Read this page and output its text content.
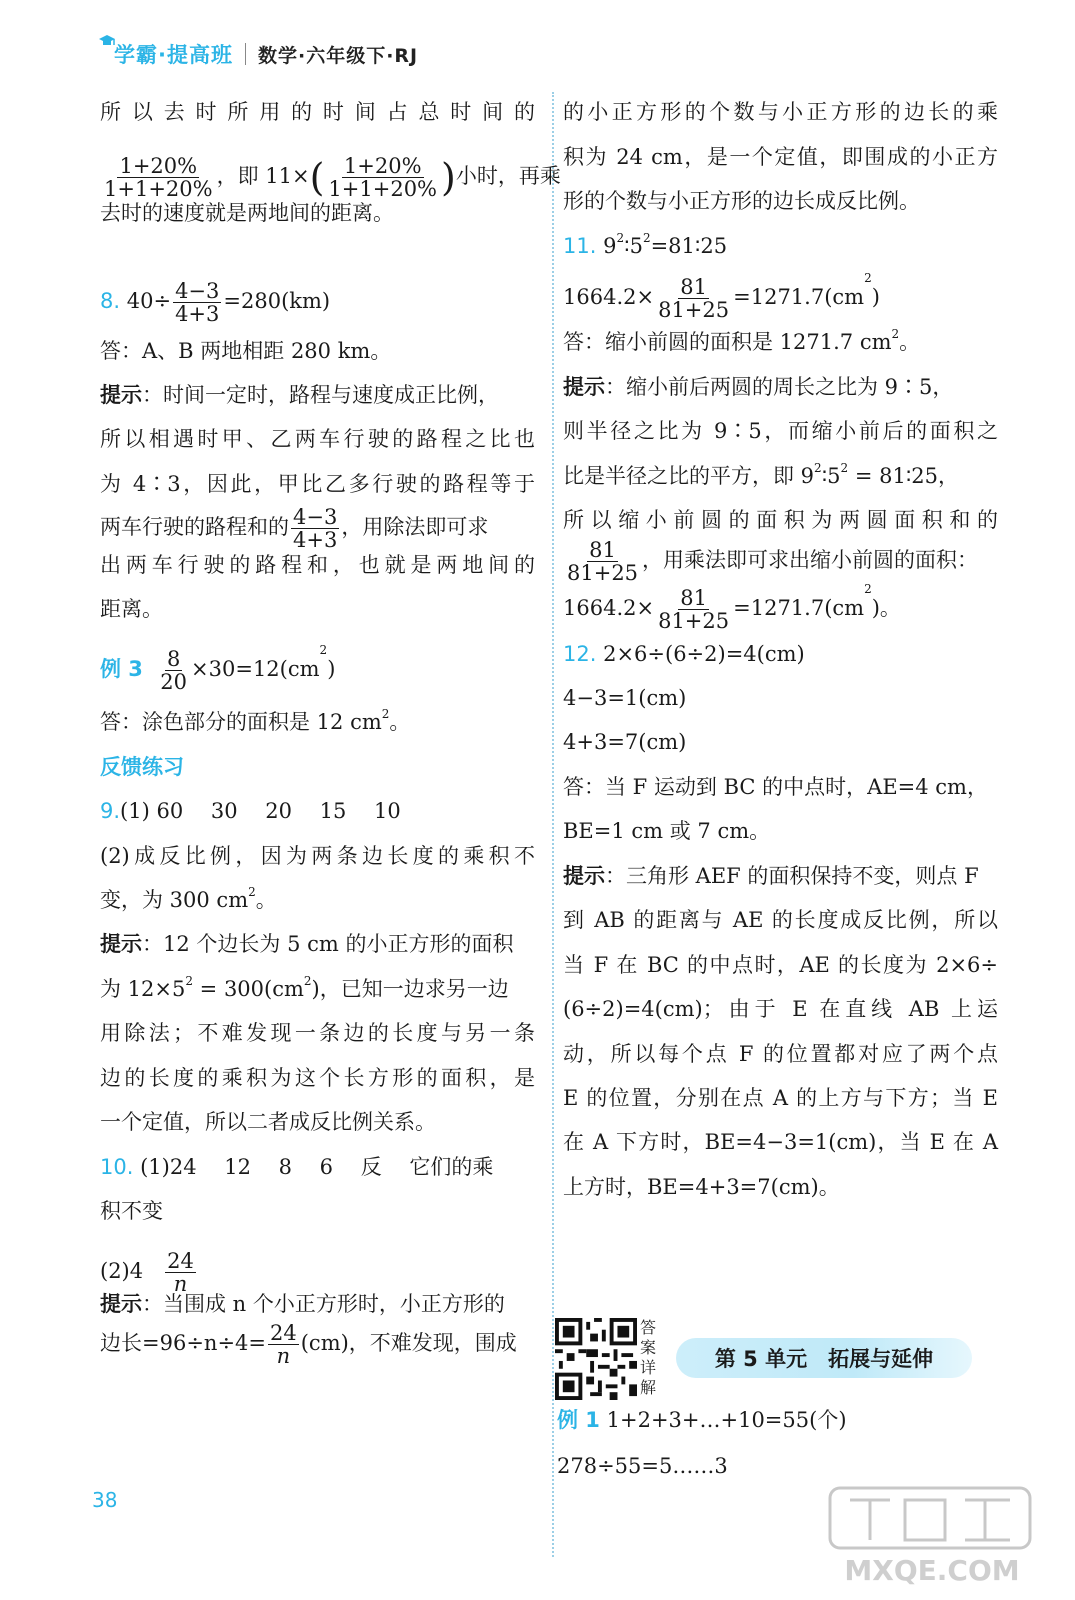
学霸·提高班 数学·六年级下·RJ
所以去时所用的时间占总时间的
$\frac{1+20\%}{1+1+20\%}$ ，即 $11\times( \frac{1+20\%}{1+1+20\%}$ )小时，再乘
去时的速度就是两地间的距离。
8. $40\div \frac{4-3}{4+3} =280(km)$
答：A、B 两地相距 280 km。
提示：时间一定时，路程与速度成正比例，
所以相遇时甲、乙两车行驶的路程之比也
为 4∶3，因此，甲比乙多行驶的路程等于
两车行驶的路程和的 $\frac{4-3}{4+3}$ ，用除法即可求
出两车行驶的路程和，也就是两地间的
距离。
例 $3 \frac{8}{20} \times 30=12(cm^2)$
答：涂色部分的面积是 12 $cm^2$。
反馈练习
9.(1) 60　 30　 20　 15　 10
(2)成反比例，因为两条边长度的乘积不
变，为 300 $cm^2$。
提示：12 个边长为 5 cm 的小正方形的面积
为 $12\times 5^2 = 300(cm^2)$，已知一边求另一边
用除法；不难发现一条边的长度与另一条
边的长度的乘积为这个长方形的面积，是
一个定值，所以二者成反比例关系。
10. (1)24　 12　 8　 6　 反　 它们的乘
积不变
$(2)4 \frac{24}{n}$
提示：当围成 n 个小正方形时，小正方形的
边长$=96\div n\div 4= \frac{24}{n} (cm)$，不难发现，围成
的小正方形的个数与小正方形的边长的乘
积为 24 cm，是一个定值，即围成的小正方
形的个数与小正方形的边长成反比例。
11. $9^2∶5^2=81∶25$
$1664.2\times \frac{81}{81+25} =1271.7(cm^2)$
答：缩小前圆的面积是 1271.7 $cm^2$。
提示：缩小前后两圆的周长之比为 9∶5，
则半径之比为 9∶5，而缩小前后的面积之
比是半径之比的平方，即 $9^2∶5^2$ = 81∶25，
所以缩小前圆的面积为两圆面积和的
$\frac{81}{81+25}$ ，用乘法即可求出缩小前圆的面积：
$1664.2\times \frac{81}{81+25} =1271.7(cm^2)$。
12. 2×6÷(6÷2)=4(cm)
4−3=1(cm)
4+3=7(cm)
答：当 F 运动到 BC 的中点时，AE=4 cm，
BE=1 cm 或 7 cm。
提示：三角形 AEF 的面积保持不变，则点 F
到 AB 的距离与 AE 的长度成反比例，所以
当 F 在 BC 的中点时，AE 的长度为 2×6÷
(6÷2)=4(cm)；由于 E 在直线 AB 上运
动，所以每个点 F 的位置都对应了两个点
E 的位置，分别在点 A 的上方与下方；当 E
在 A 下方时，BE=4−3=1(cm)，当 E 在 A
上方时，BE=4+3=7(cm)。
答案详解
第 5 单元　拓展与延伸
例 1 1+2+3+…+10=55(个)
278÷55=5……3
38
MXQE.COM
